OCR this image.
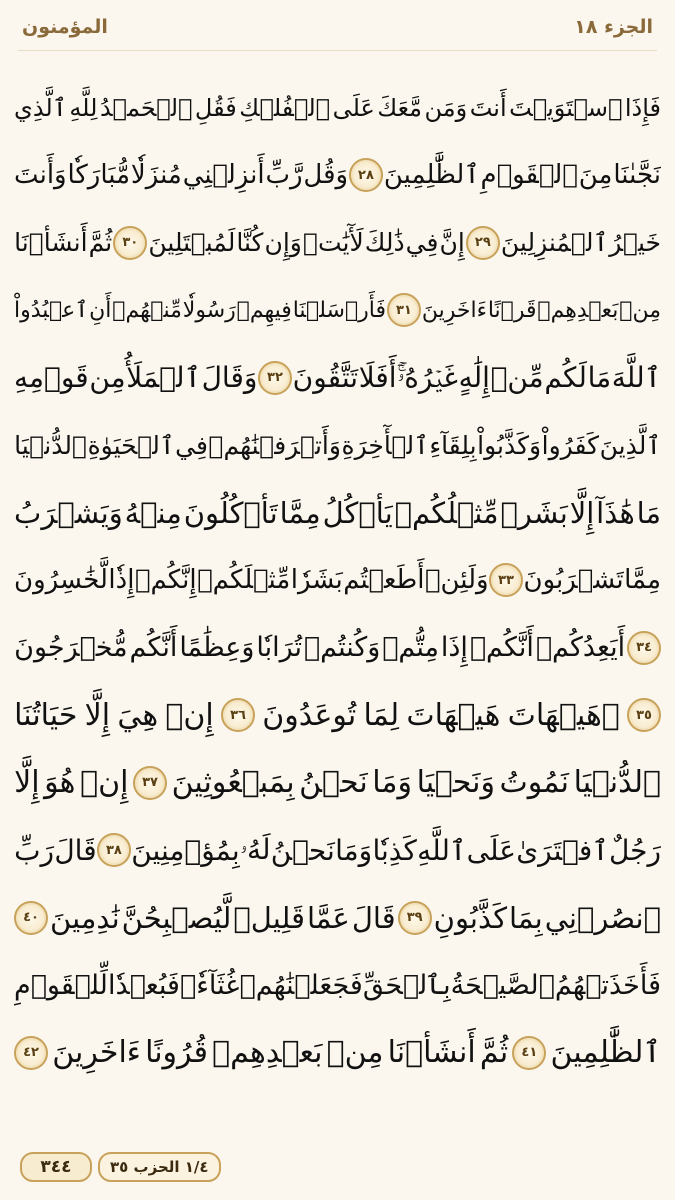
الجزء ١٨
المؤمنون
فَإِذَا
ٱسۡتَوَيۡتَ
أَنتَ
وَمَن
مَّعَكَ
عَلَى
ٱلۡفُلۡكِ
فَقُلِ
ٱلۡحَمۡدُ
لِلَّهِ
ٱلَّذِي
نَجَّىٰنَا
مِنَ
ٱلۡقَوۡمِ
ٱلظَّٰلِمِينَ
٢٨
وَقُل
رَّبِّ
أَنزِلۡنِي
مُنزَلٗا
مُّبَارَكٗا
وَأَنتَ
خَيۡرُ
ٱلۡمُنزِلِينَ
٢٩
إِنَّ
فِي
ذَٰلِكَ
لَأٓيَٰتٖ
وَإِن
كُنَّا
لَمُبۡتَلِينَ
٣٠
ثُمَّ
أَنشَأۡنَا
مِنۢ
بَعۡدِهِمۡ
قَرۡنًا
ءَاخَرِينَ
٣١
فَأَرۡسَلۡنَا
فِيهِمۡ
رَسُولٗا
مِّنۡهُمۡ
أَنِ
ٱعۡبُدُواْ
ٱللَّهَ
مَا
لَكُم
مِّنۡ
إِلَٰهٍ
غَيۡرُهُۥٓۚ
أَفَلَا
تَتَّقُونَ
٣٢
وَقَالَ
ٱلۡمَلَأُ
مِن
قَوۡمِهِ
ٱلَّذِينَ
كَفَرُواْ
وَكَذَّبُواْ
بِلِقَآءِ
ٱلۡأٓخِرَةِ
وَأَتۡرَفۡنَٰهُمۡ
فِي
ٱلۡحَيَوٰةِ
ٱلدُّنۡيَا
مَا
هَٰذَآ
إِلَّا
بَشَرٞ
مِّثۡلُكُمۡ
يَأۡكُلُ
مِمَّا
تَأۡكُلُونَ
مِنۡهُ
وَيَشۡرَبُ
مِمَّا
تَشۡرَبُونَ
٣٣
وَلَئِنۡ
أَطَعۡتُم
بَشَرٗا
مِّثۡلَكُمۡ
إِنَّكُمۡ
إِذٗا
لَّخَٰسِرُونَ
٣٤
أَيَعِدُكُمۡ
أَنَّكُمۡ
إِذَا
مِتُّمۡ
وَكُنتُمۡ
تُرَابٗا
وَعِظَٰمًا
أَنَّكُم
مُّخۡرَجُونَ
٣٥
۞هَيۡهَاتَ
هَيۡهَاتَ
لِمَا
تُوعَدُونَ
٣٦
إِنۡ
هِيَ
إِلَّا
حَيَاتُنَا
ٱلدُّنۡيَا
نَمُوتُ
وَنَحۡيَا
وَمَا
نَحۡنُ
بِمَبۡعُوثِينَ
٣٧
إِنۡ
هُوَ
إِلَّا
رَجُلٌ
ٱفۡتَرَىٰ
عَلَى
ٱللَّهِ
كَذِبٗا
وَمَا
نَحۡنُ
لَهُۥ
بِمُؤۡمِنِينَ
٣٨
قَالَ
رَبِّ
ٱنصُرۡنِي
بِمَا
كَذَّبُونِ
٣٩
قَالَ
عَمَّا
قَلِيلٖ
لَّيُصۡبِحُنَّ
نَٰدِمِينَ
٤٠
فَأَخَذَتۡهُمُ
ٱلصَّيۡحَةُ
بِٱلۡحَقِّ
فَجَعَلۡنَٰهُمۡ
غُثَآءٗۚ
فَبُعۡدٗا
لِّلۡقَوۡمِ
ٱلظَّٰلِمِينَ
٤١
ثُمَّ
أَنشَأۡنَا
مِنۢ
بَعۡدِهِمۡ
قُرُونًا
ءَاخَرِينَ
٤٢
٣٤٤	١/٤ الحزب ٣٥
